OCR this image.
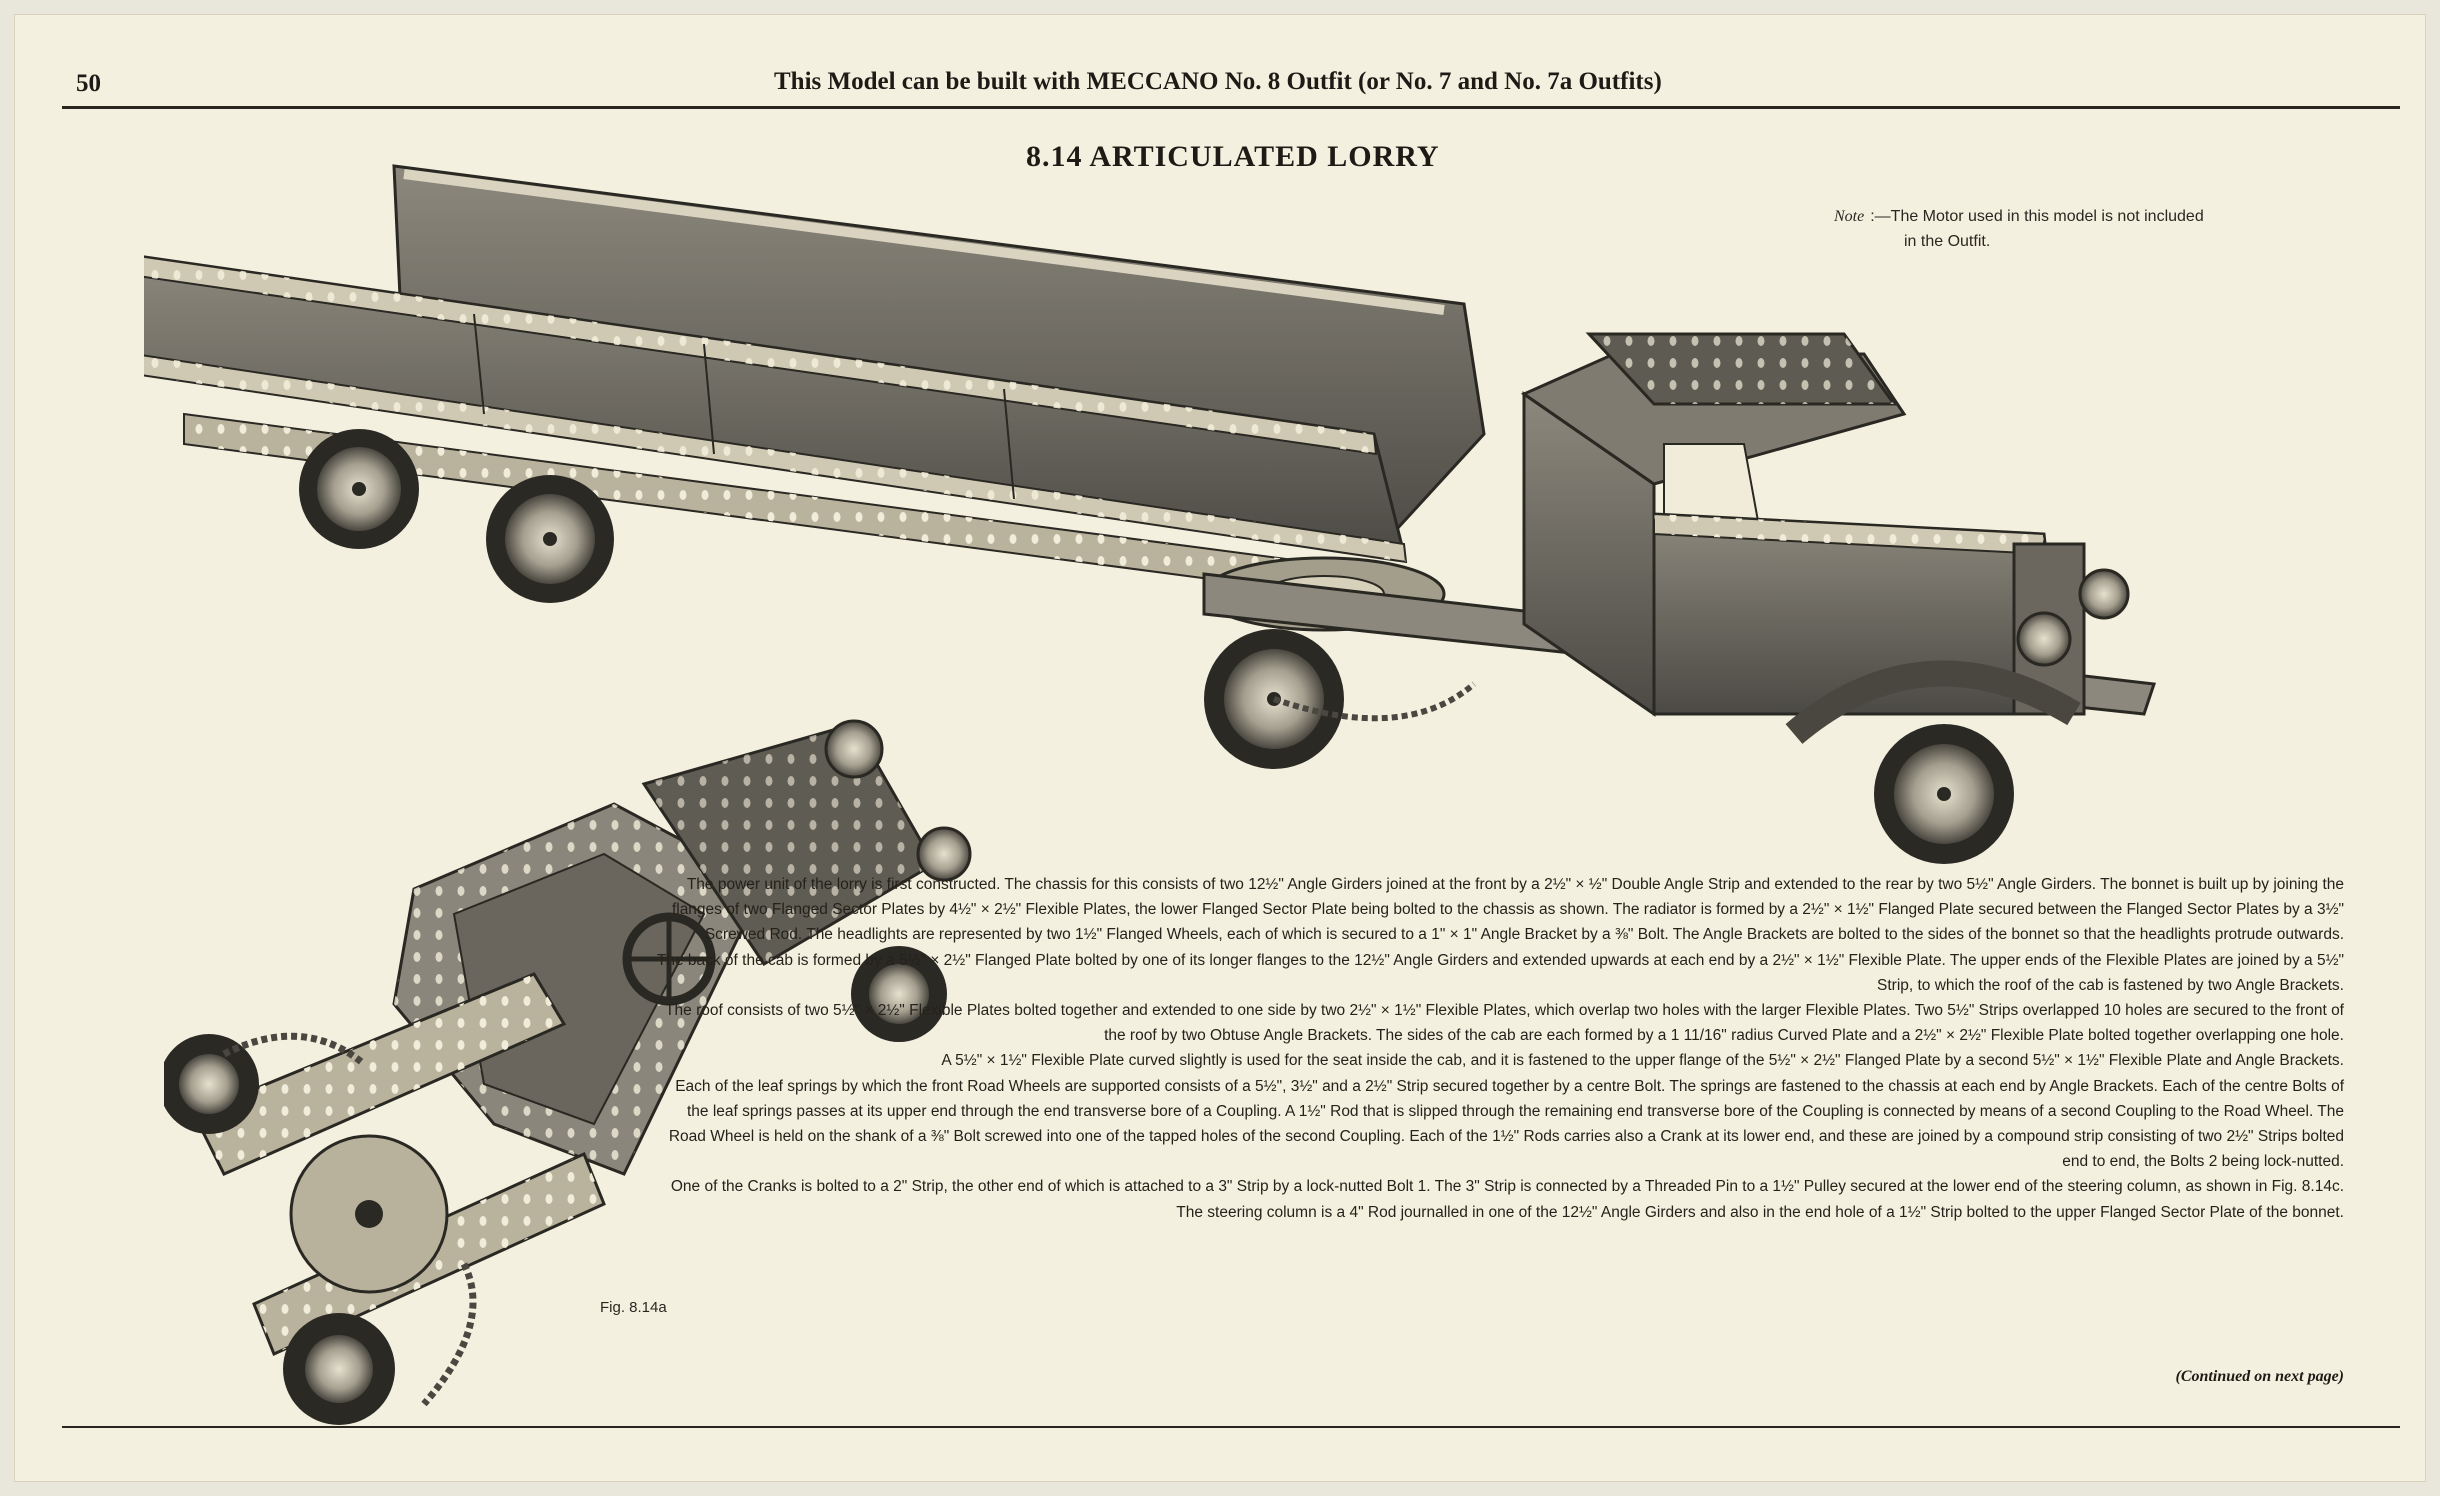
50	This Model can be built with MECCANO No. 8 Outfit (or No. 7 and No. 7a Outfits)
8.14 ARTICULATED LORRY
Note :—The Motor used in this model is not included
in the Outfit.
Fig. 8.14a

The power unit of the lorry is first constructed. The chassis for this consists of two 12½" Angle Girders joined at the front by a 2½" × ½" Double Angle Strip and extended to the rear by two 5½" Angle Girders. The bonnet is built up by joining the flanges of two Flanged Sector Plates by 4½" × 2½" Flexible Plates, the lower Flanged Sector Plate being bolted to the chassis as shown. The radiator is formed by a 2½" × 1½" Flanged Plate secured between the Flanged Sector Plates by a 3½" Screwed Rod. The headlights are represented by two 1½" Flanged Wheels, each of which is secured to a 1" × 1" Angle Bracket by a ⅜" Bolt. The Angle Brackets are bolted to the sides of the bonnet so that the headlights protrude outwards.

The back of the cab is formed by a 5½" × 2½" Flanged Plate bolted by one of its longer flanges to the 12½" Angle Girders and extended upwards at each end by a 2½" × 1½" Flexible Plate. The upper ends of the Flexible Plates are joined by a 5½" Strip, to which the roof of the cab is fastened by two Angle Brackets.

The roof consists of two 5½" × 2½" Flexible Plates bolted together and extended to one side by two 2½" × 1½" Flexible Plates, which overlap two holes with the larger Flexible Plates. Two 5½" Strips overlapped 10 holes are secured to the front of the roof by two Obtuse Angle Brackets. The sides of the cab are each formed by a 1 11/16" radius Curved Plate and a 2½" × 2½" Flexible Plate bolted together overlapping one hole.

A 5½" × 1½" Flexible Plate curved slightly is used for the seat inside the cab, and it is fastened to the upper flange of the 5½" × 2½" Flanged Plate by a second 5½" × 1½" Flexible Plate and Angle Brackets.

Each of the leaf springs by which the front Road Wheels are supported consists of a 5½", 3½" and a 2½" Strip secured together by a centre Bolt. The springs are fastened to the chassis at each end by Angle Brackets. Each of the centre Bolts of the leaf springs passes at its upper end through the end transverse bore of a Coupling. A 1½" Rod that is slipped through the remaining end transverse bore of the Coupling is connected by means of a second Coupling to the Road Wheel. The Road Wheel is held on the shank of a ⅜" Bolt screwed into one of the tapped holes of the second Coupling. Each of the 1½" Rods carries also a Crank at its lower end, and these are joined by a compound strip consisting of two 2½" Strips bolted end to end, the Bolts 2 being lock-nutted.

One of the Cranks is bolted to a 2" Strip, the other end of which is attached to a 3" Strip by a lock-nutted Bolt 1. The 3" Strip is connected by a Threaded Pin to a 1½" Pulley secured at the lower end of the steering column, as shown in Fig. 8.14c. The steering column is a 4" Rod journalled in one of the 12½" Angle Girders and also in the end hole of a 1½" Strip bolted to the upper Flanged Sector Plate of the bonnet.

(Continued on next page)
